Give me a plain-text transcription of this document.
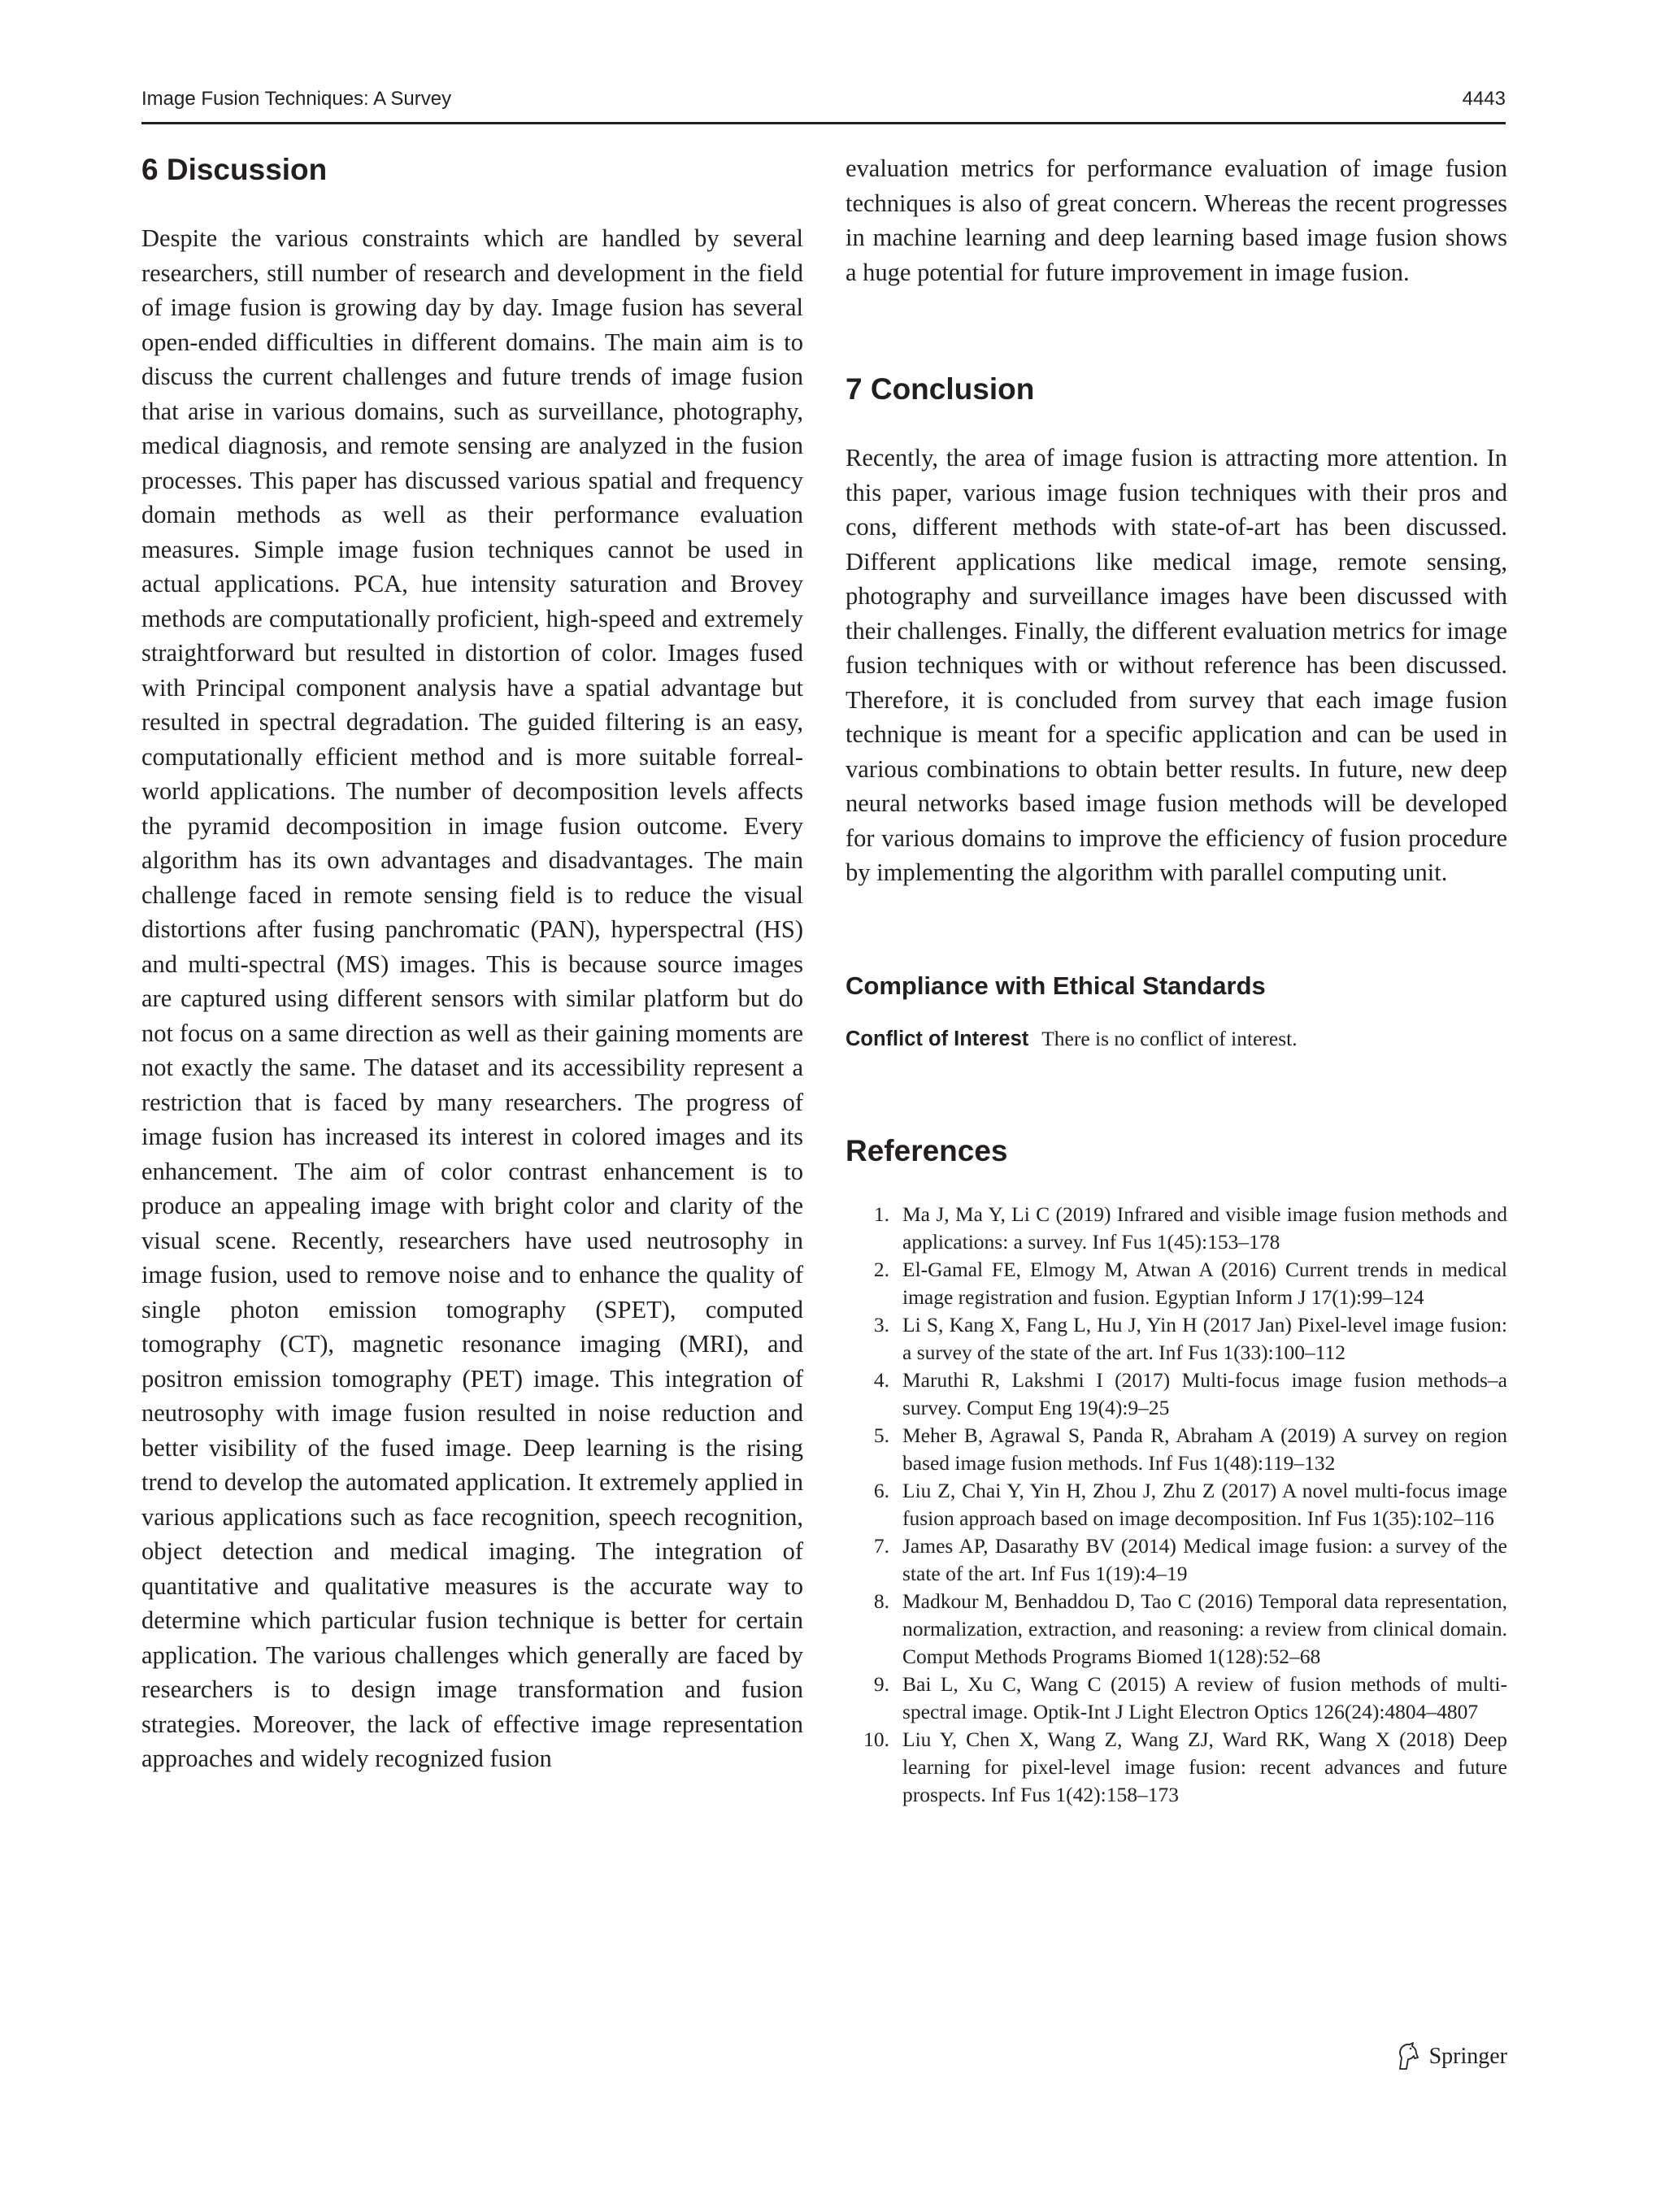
Image Fusion Techniques: A Survey	4443
6 Discussion

Despite the various constraints which are handled by several researchers, still number of research and development in the field of image fusion is growing day by day. Image fusion has several open-ended difficulties in different domains. The main aim is to discuss the current challenges and future trends of image fusion that arise in various domains, such as surveillance, photography, medical diagnosis, and remote sensing are analyzed in the fusion processes. This paper has discussed various spatial and frequency domain methods as well as their performance evaluation measures. Simple image fusion techniques cannot be used in actual applications. PCA, hue intensity saturation and Brovey methods are computationally proficient, high-speed and extremely straightforward but resulted in distortion of color. Images fused with Principal component analysis have a spatial advantage but resulted in spectral degradation. The guided filtering is an easy, computationally efficient method and is more suitable forreal-world applications. The number of decomposition levels affects the pyramid decomposition in image fusion outcome. Every algorithm has its own advantages and disadvantages. The main challenge faced in remote sensing field is to reduce the visual distortions after fusing panchromatic (PAN), hyperspectral (HS) and multi-spectral (MS) images. This is because source images are captured using different sensors with similar platform but do not focus on a same direction as well as their gaining moments are not exactly the same. The dataset and its accessibility represent a restriction that is faced by many researchers. The progress of image fusion has increased its interest in colored images and its enhancement. The aim of color contrast enhancement is to produce an appealing image with bright color and clarity of the visual scene. Recently, researchers have used neutrosophy in image fusion, used to remove noise and to enhance the quality of single photon emission tomography (SPET), computed tomography (CT), magnetic resonance imaging (MRI), and positron emission tomography (PET) image. This integration of neutrosophy with image fusion resulted in noise reduction and better visibility of the fused image. Deep learning is the rising trend to develop the automated application. It extremely applied in various applications such as face recognition, speech recognition, object detection and medical imaging. The integration of quantitative and qualitative measures is the accurate way to determine which particular fusion technique is better for certain application. The various challenges which generally are faced by researchers is to design image transformation and fusion strategies. Moreover, the lack of effective image representation approaches and widely recognized fusion

evaluation metrics for performance evaluation of image fusion techniques is also of great concern. Whereas the recent progresses in machine learning and deep learning based image fusion shows a huge potential for future improvement in image fusion.

7 Conclusion

Recently, the area of image fusion is attracting more attention. In this paper, various image fusion techniques with their pros and cons, different methods with state-of-art has been discussed. Different applications like medical image, remote sensing, photography and surveillance images have been discussed with their challenges. Finally, the different evaluation metrics for image fusion techniques with or without reference has been discussed. Therefore, it is concluded from survey that each image fusion technique is meant for a specific application and can be used in various combinations to obtain better results. In future, new deep neural networks based image fusion methods will be developed for various domains to improve the efficiency of fusion procedure by implementing the algorithm with parallel computing unit.

Compliance with Ethical Standards

Conflict of Interest There is no conflict of interest.

References
1. Ma J, Ma Y, Li C (2019) Infrared and visible image fusion methods and applications: a survey. Inf Fus 1(45):153–178
2. El-Gamal FE, Elmogy M, Atwan A (2016) Current trends in medical image registration and fusion. Egyptian Inform J 17(1):99–124
3. Li S, Kang X, Fang L, Hu J, Yin H (2017 Jan) Pixel-level image fusion: a survey of the state of the art. Inf Fus 1(33):100–112
4. Maruthi R, Lakshmi I (2017) Multi-focus image fusion methods–a survey. Comput Eng 19(4):9–25
5. Meher B, Agrawal S, Panda R, Abraham A (2019) A survey on region based image fusion methods. Inf Fus 1(48):119–132
6. Liu Z, Chai Y, Yin H, Zhou J, Zhu Z (2017) A novel multi-focus image fusion approach based on image decomposition. Inf Fus 1(35):102–116
7. James AP, Dasarathy BV (2014) Medical image fusion: a survey of the state of the art. Inf Fus 1(19):4–19
8. Madkour M, Benhaddou D, Tao C (2016) Temporal data representation, normalization, extraction, and reasoning: a review from clinical domain. Comput Methods Programs Biomed 1(128):52–68
9. Bai L, Xu C, Wang C (2015) A review of fusion methods of multi-spectral image. Optik-Int J Light Electron Optics 126(24):4804–4807
10. Liu Y, Chen X, Wang Z, Wang ZJ, Ward RK, Wang X (2018) Deep learning for pixel-level image fusion: recent advances and future prospects. Inf Fus 1(42):158–173
Springer
